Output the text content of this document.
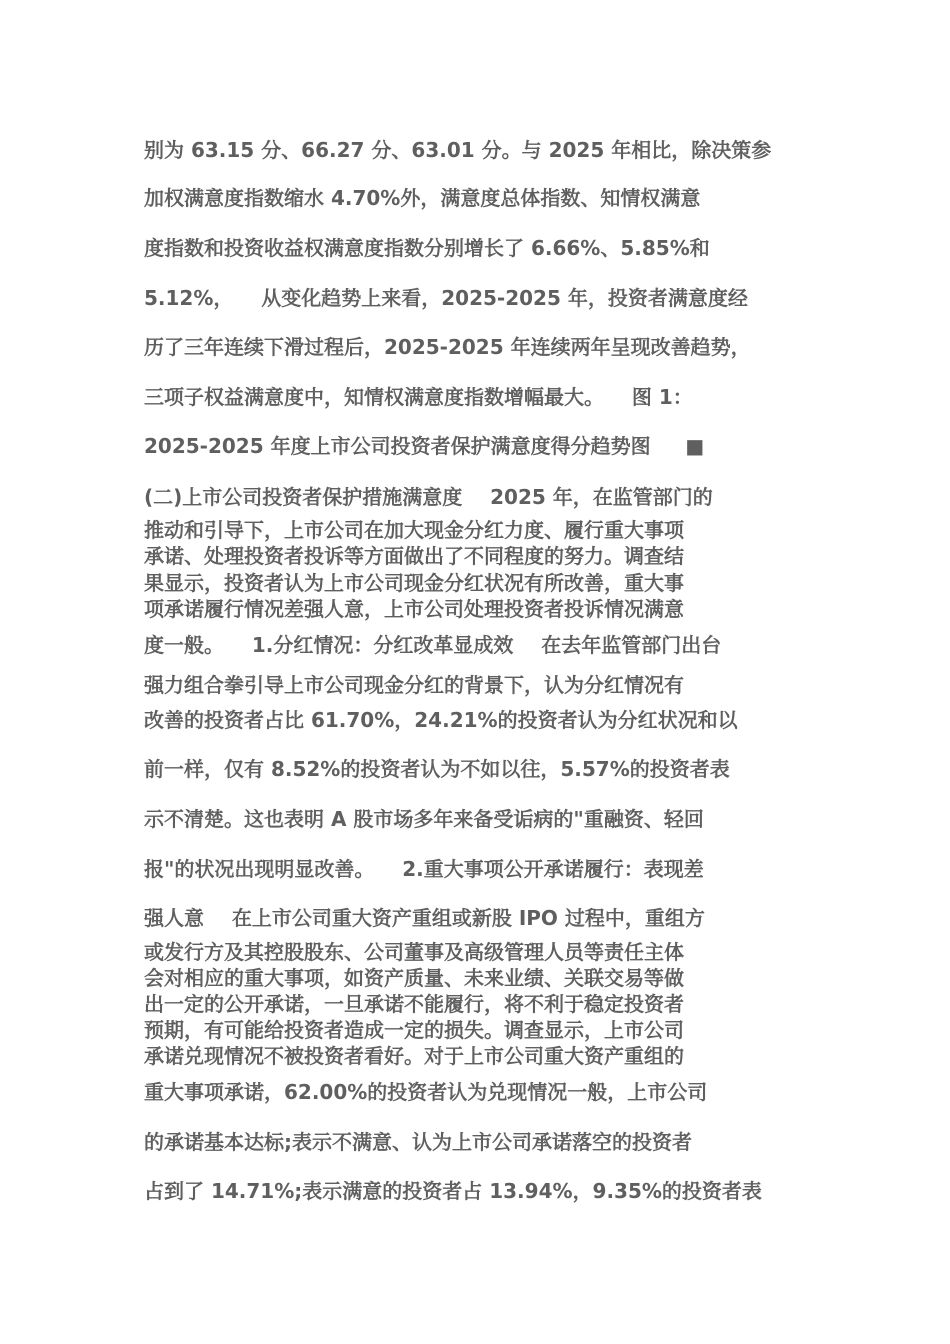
别为 63.15 分、66.27 分、63.01 分。与 2025 年相比，除决策参
加权满意度指数缩水 4.70%外，满意度总体指数、知情权满意
度指数和投资收益权满意度指数分别增长了 6.66%、5.85%和
5.12%，    从变化趋势上来看，2025-2025 年，投资者满意度经
历了三年连续下滑过程后，2025-2025 年连续两年呈现改善趋势，
三项子权益满意度中，知情权满意度指数增幅最大。    图 1：
2025-2025 年度上市公司投资者保护满意度得分趋势图     ■
(二)上市公司投资者保护措施满意度    2025 年，在监管部门的
推动和引导下，上市公司在加大现金分红力度、履行重大事项
承诺、处理投资者投诉等方面做出了不同程度的努力。调查结
果显示，投资者认为上市公司现金分红状况有所改善，重大事
项承诺履行情况差强人意，上市公司处理投资者投诉情况满意
度一般。    1.分红情况：分红改革显成效    在去年监管部门出台
强力组合拳引导上市公司现金分红的背景下，认为分红情况有
改善的投资者占比 61.70%，24.21%的投资者认为分红状况和以
前一样，仅有 8.52%的投资者认为不如以往，5.57%的投资者表
示不清楚。这也表明 A 股市场多年来备受诟病的"重融资、轻回
报"的状况出现明显改善。    2.重大事项公开承诺履行：表现差
强人意    在上市公司重大资产重组或新股 IPO 过程中，重组方
或发行方及其控股股东、公司董事及高级管理人员等责任主体
会对相应的重大事项，如资产质量、未来业绩、关联交易等做
出一定的公开承诺，一旦承诺不能履行，将不利于稳定投资者
预期，有可能给投资者造成一定的损失。调查显示，上市公司
承诺兑现情况不被投资者看好。对于上市公司重大资产重组的
重大事项承诺，62.00%的投资者认为兑现情况一般，上市公司
的承诺基本达标;表示不满意、认为上市公司承诺落空的投资者
占到了 14.71%;表示满意的投资者占 13.94%，9.35%的投资者表
